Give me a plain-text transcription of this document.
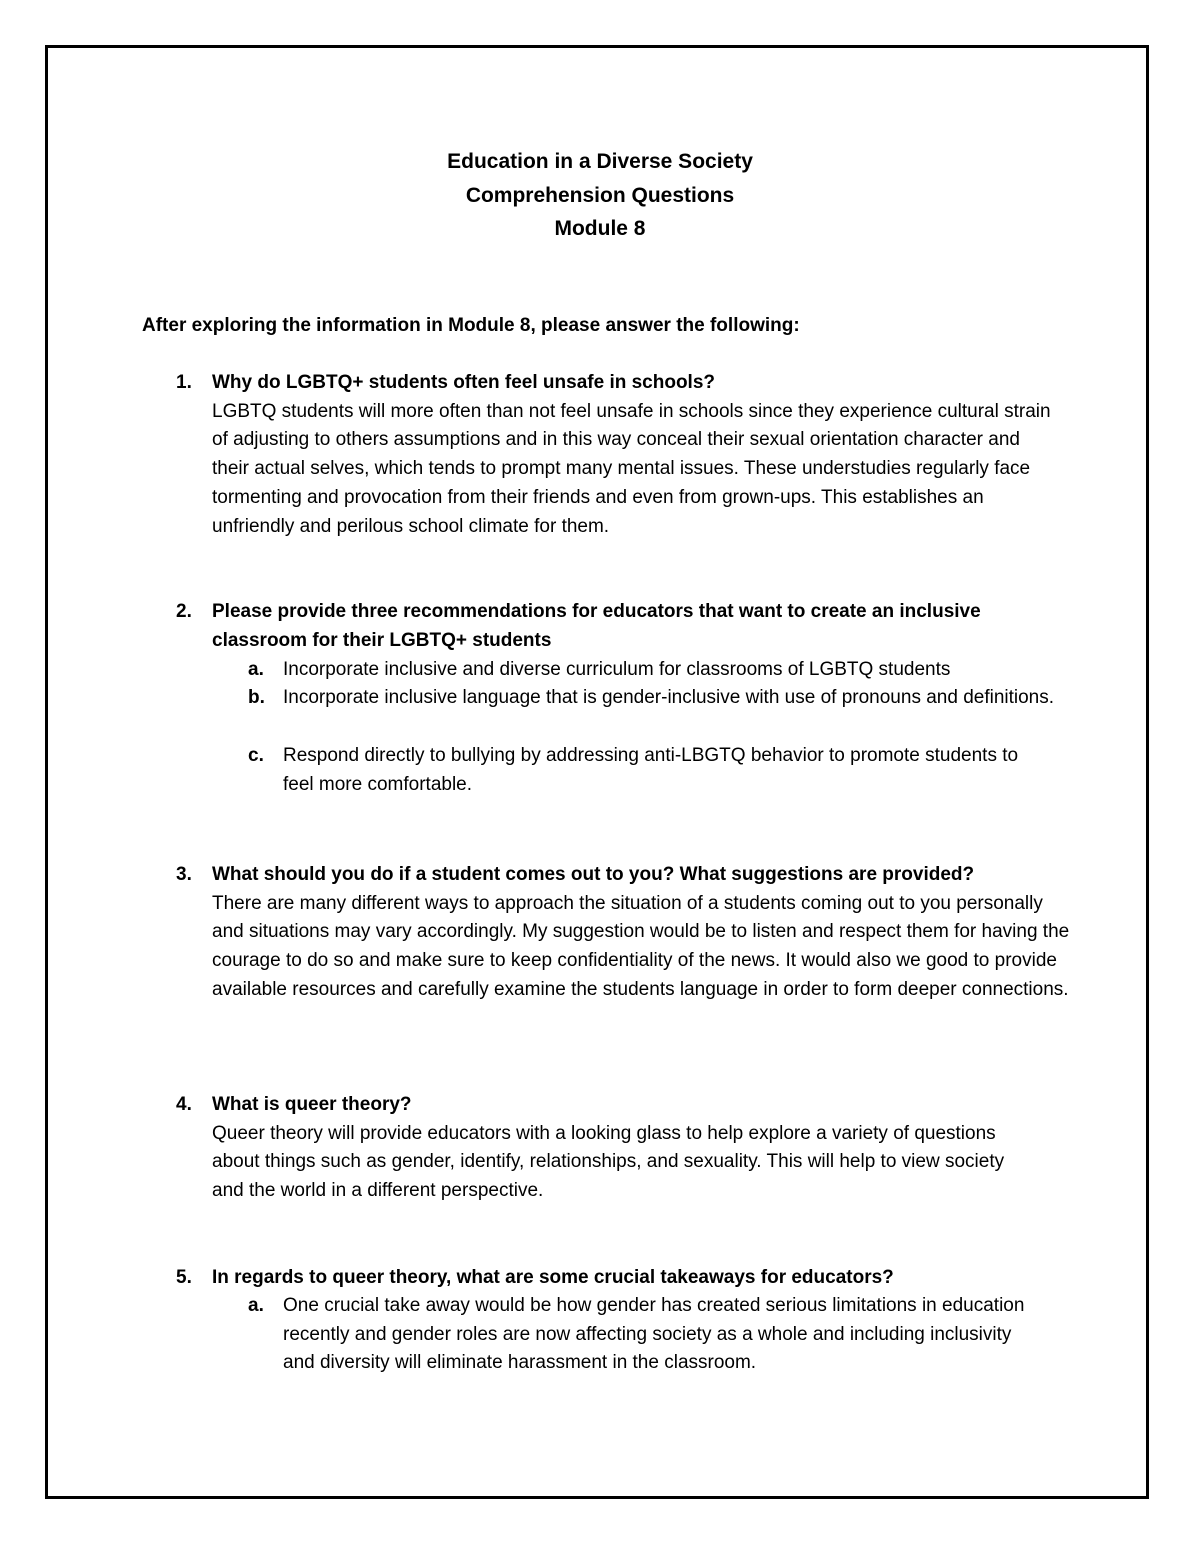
Education in a Diverse Society
Comprehension Questions
Module 8
After exploring the information in Module 8, please answer the following:
1. Why do LGBTQ+ students often feel unsafe in schools?
LGBTQ students will more often than not feel unsafe in schools since they experience cultural strain of adjusting to others assumptions and in this way conceal their sexual orientation character and their actual selves, which tends to prompt many mental issues. These understudies regularly face tormenting and provocation from their friends and even from grown-ups. This establishes an unfriendly and perilous school climate for them.
2. Please provide three recommendations for educators that want to create an inclusive classroom for their LGBTQ+ students
a. Incorporate inclusive and diverse curriculum for classrooms of LGBTQ students
b. Incorporate inclusive language that is gender-inclusive with use of pronouns and definitions.
c. Respond directly to bullying by addressing anti-LBGTQ behavior to promote students to feel more comfortable.
3. What should you do if a student comes out to you? What suggestions are provided?
There are many different ways to approach the situation of a students coming out to you personally and situations may vary accordingly. My suggestion would be to listen and respect them for having the courage to do so and make sure to keep confidentiality of the news. It would also we good to provide available resources and carefully examine the students language in order to form deeper connections.
4. What is queer theory?
Queer theory will provide educators with a looking glass to help explore a variety of questions about things such as gender, identify, relationships, and sexuality. This will help to view society and the world in a different perspective.
5. In regards to queer theory, what are some crucial takeaways for educators?
a. One crucial take away would be how gender has created serious limitations in education recently and gender roles are now affecting society as a whole and including inclusivity and diversity will eliminate harassment in the classroom.
